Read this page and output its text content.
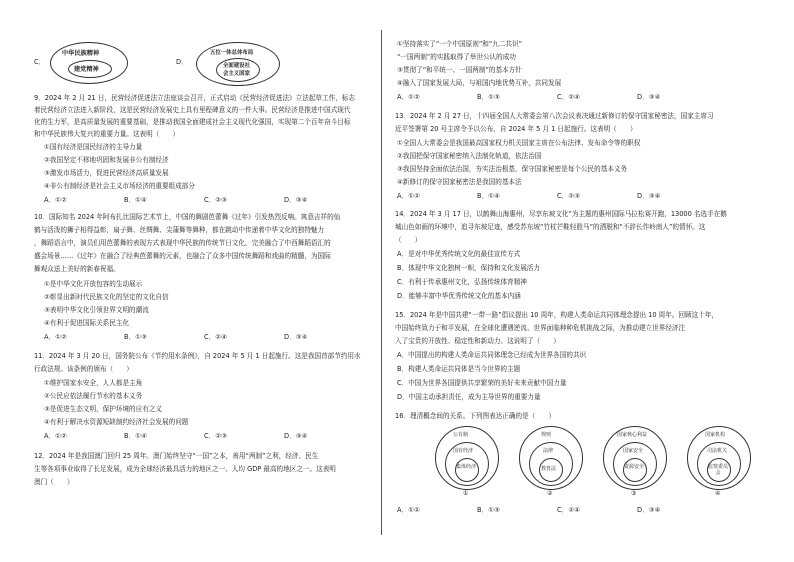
C．
中华民族精神
建党精神
D．
五位一体总体布局
全面建设社
会主义国家
9．2024 年 2 月 21 日，民营经济促进法立法座谈会召开，正式启动《民营经济促进法》立法起草工作，标志
着民营经济立法进入新阶段，这是民营经济发展史上具有里程碑意义的一件大事。民营经济是推进中国式现代
化的生力军，是高质量发展的重要基础，是推动我国全面建成社会主义现代化强国，实现第二个百年奋斗目标
和中华民族伟大复兴的重要力量。这表明（　　）
①国有经济是国民经济的主导力量
②我国坚定不移地巩固和发展非公有制经济
③激发市场活力，促进民营经济高质量发展
④非公有制经济是社会主义市场经济的重要组成部分
A．①②	B．①④	C．②③	D．③④
10．国际知名 2024 年阿布扎比国际艺术节上，中国的舞剧芭蕾舞《过年》引发热烈反响。寓意吉祥的仙
鹤与活泼的狮子相得益彰，扇子舞、丝绸舞、尖蒲舞等舞种，都在跳动中传递着中华文化的独特魅力
，舞蹈语言中，演员们用芭蕾舞的表现方式表现中华民族的传统节日文化，完美融合了中西舞蹈语汇的
盛会场景……《过年》在融合了经典芭蕾舞的元素，也融合了众多中国传统舞蹈和戏曲的精髓，为国际
舞观众送上美好的新春祝福。
①是中华文化开放包容的生动展示
②彰显出新时代民族文化的坚定的文化自信
③表明中华文化引领世界文明的潮流
④有利于促进国际关系民主化
A．①②	B．①③	C．②④	D．③④
11．2024 年 3 月 20 日，国务院公布《节约用水条例》，自 2024 年 5 月 1 日起施行。这是我国首部节约用水
行政法规。该条例的颁布（　　）
①维护国家水安全，人人都是主角
②公民应依法履行节水的基本义务
③是促进生态文明，保护环境的应有之义
④有利于解决水资源短缺制约经济社会发展的问题
A．①②	B．①④	C．②③	D．③④
12．2024 年是我国澳门回归 25 周年。澳门始终坚守“一国”之本，善用“两制”之利，经济、民生
生等各项事业取得了长足发展，成为全球经济最具活力的地区之一、人均 GDP 最高的地区之一。这表明
澳门（　　）
①坚持落实了“一个中国原则”和“九二共识”
“一国两制”的实践取得了举世公认的成功
③贯彻了“和平统一、一国两制”的基本方针
④融入了国家发展大局，与祖国内地优势互补，共同发展
A．①②	B．①③	C．②④	D．③④
13．2024 年 2 月 27 日，十四届全国人大常委会第八次会议表决通过新修订的保守国家秘密法，国家主席习
近平签署第 20 号主席令予以公布，自 2024 年 5 月 1 日起施行。这表明（　　）
①全国人大常委会是我国最高国家权力机关国家主席在公布法律、发布命令等的职权
②我国把保守国家秘密纳入法制化轨道，依法治国
③我国坚持全面依法治国，夯实法治根基，保守国家秘密是每个公民的基本义务
④新修订的保守国家秘密法是我国的基本法
A．①②	B．①④	C．②③	D．③④
14．2024 年 3 月 17 日，以鹤舞山海惠州，尽享东坡文化”为主题的惠州国际马拉松赛开跑，13000 名选手在鹅
城山色如画的环境中，追寻东坡足迹，感受苏东坡“竹杖芒鞋轻胜马”的洒脱和“不辞长作岭南人”的情怀。这
（　　）
A．是对中华优秀传统文化的最佳宣传方式
B．体现中华文化独树一帜，保持和文化发展活力
C．有利于传承惠州文化，弘扬传统体育精神
D．能够丰富中华优秀传统文化的基本内涵
15．2024 年是中国共建“一带一路”倡议提出 10 周年，构建人类命运共同体理念提出 10 周年。回顾这十年，
中国始终致力于和平发展，在全球化遭遇逆流、世界面临种种危机挑战之际，为推动建立世界经济注
入了宝贵的开放性、稳定性和新动力。这说明了（　　）
A．中国提出的构建人类命运共同体理念已经成为世界各国的共识
B．构建人类命运共同体是当今世界的主题
C．中国为世界各国提供共享繁荣的美好未来贡献中国力量
D．中国主动承担责任，成为主导世界的重要力量
16．理清概念间的关系。下列图表达正确的是（　　）
公有制
国有经济
集体经济
①
规则
法律
教育法
②
国家核心利益
国家安全
资源安全
③
国家机构
司法机关
监察委员会
④
A．①②	B．①③	C．②④	D．③④
